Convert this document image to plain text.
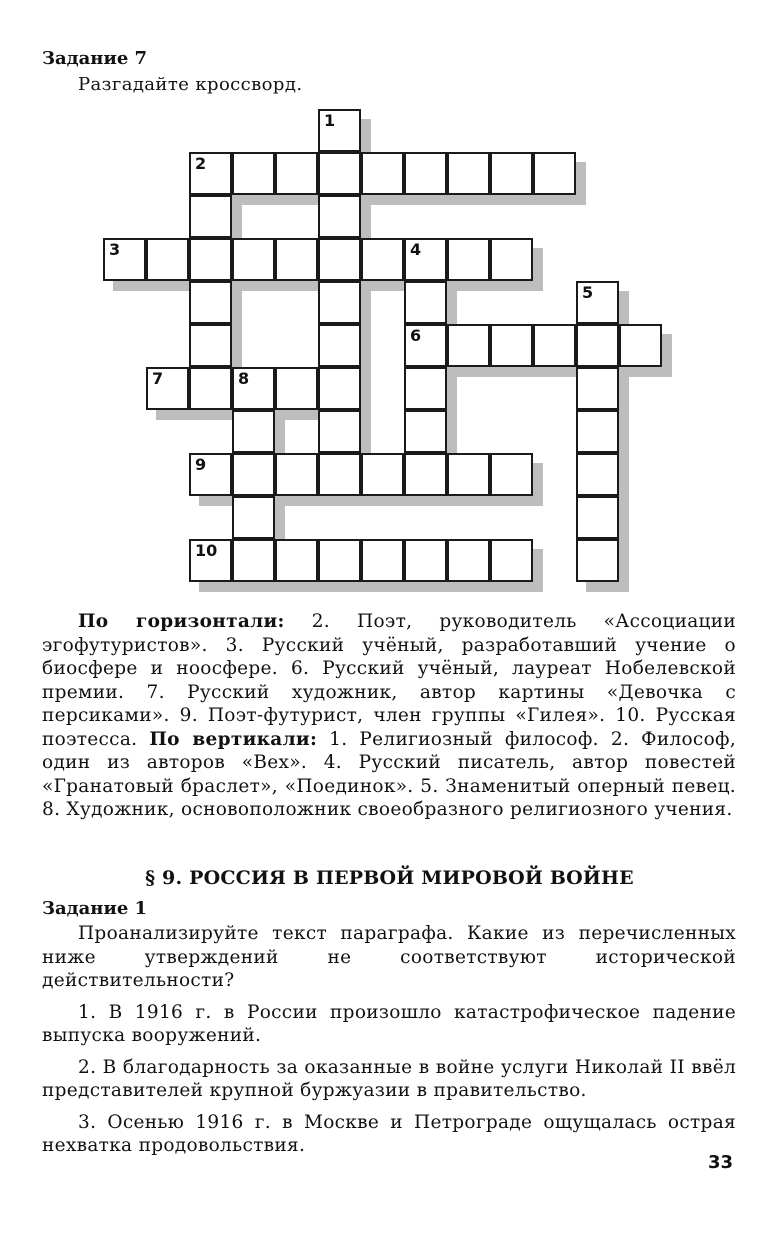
Задание 7
Разгадайте кроссворд.
2
3	4
6
7	8
9
10
1
5

По горизонтали: 2. Поэт, руководитель «Ассоциации эгофутуристов». 3. Русский учёный, разработавший учение о биосфере и ноосфере. 6. Русский учёный, лауреат Нобелевской премии. 7. Русский художник, автор картины «Девочка с персиками». 9. Поэт-футурист, член группы «Гилея». 10. Русская поэтесса. По вертикали: 1. Религиозный философ. 2. Философ, один из авторов «Вех». 4. Русский писатель, автор повестей «Гранатовый браслет», «Поединок». 5. Знаменитый оперный певец. 8. Художник, основоположник своеобразного религиозного учения.

§ 9. РОССИЯ В ПЕРВОЙ МИРОВОЙ ВОЙНЕ
Задание 1

Проанализируйте текст параграфа. Какие из перечисленных ниже утверждений не соответствуют исторической действительности?

1. В 1916 г. в России произошло катастрофическое падение выпуска вооружений.

2. В благодарность за оказанные в войне услуги Николай II ввёл представителей крупной буржуазии в правительство.

3. Осенью 1916 г. в Москве и Петрограде ощущалась острая нехватка продовольствия.

33
